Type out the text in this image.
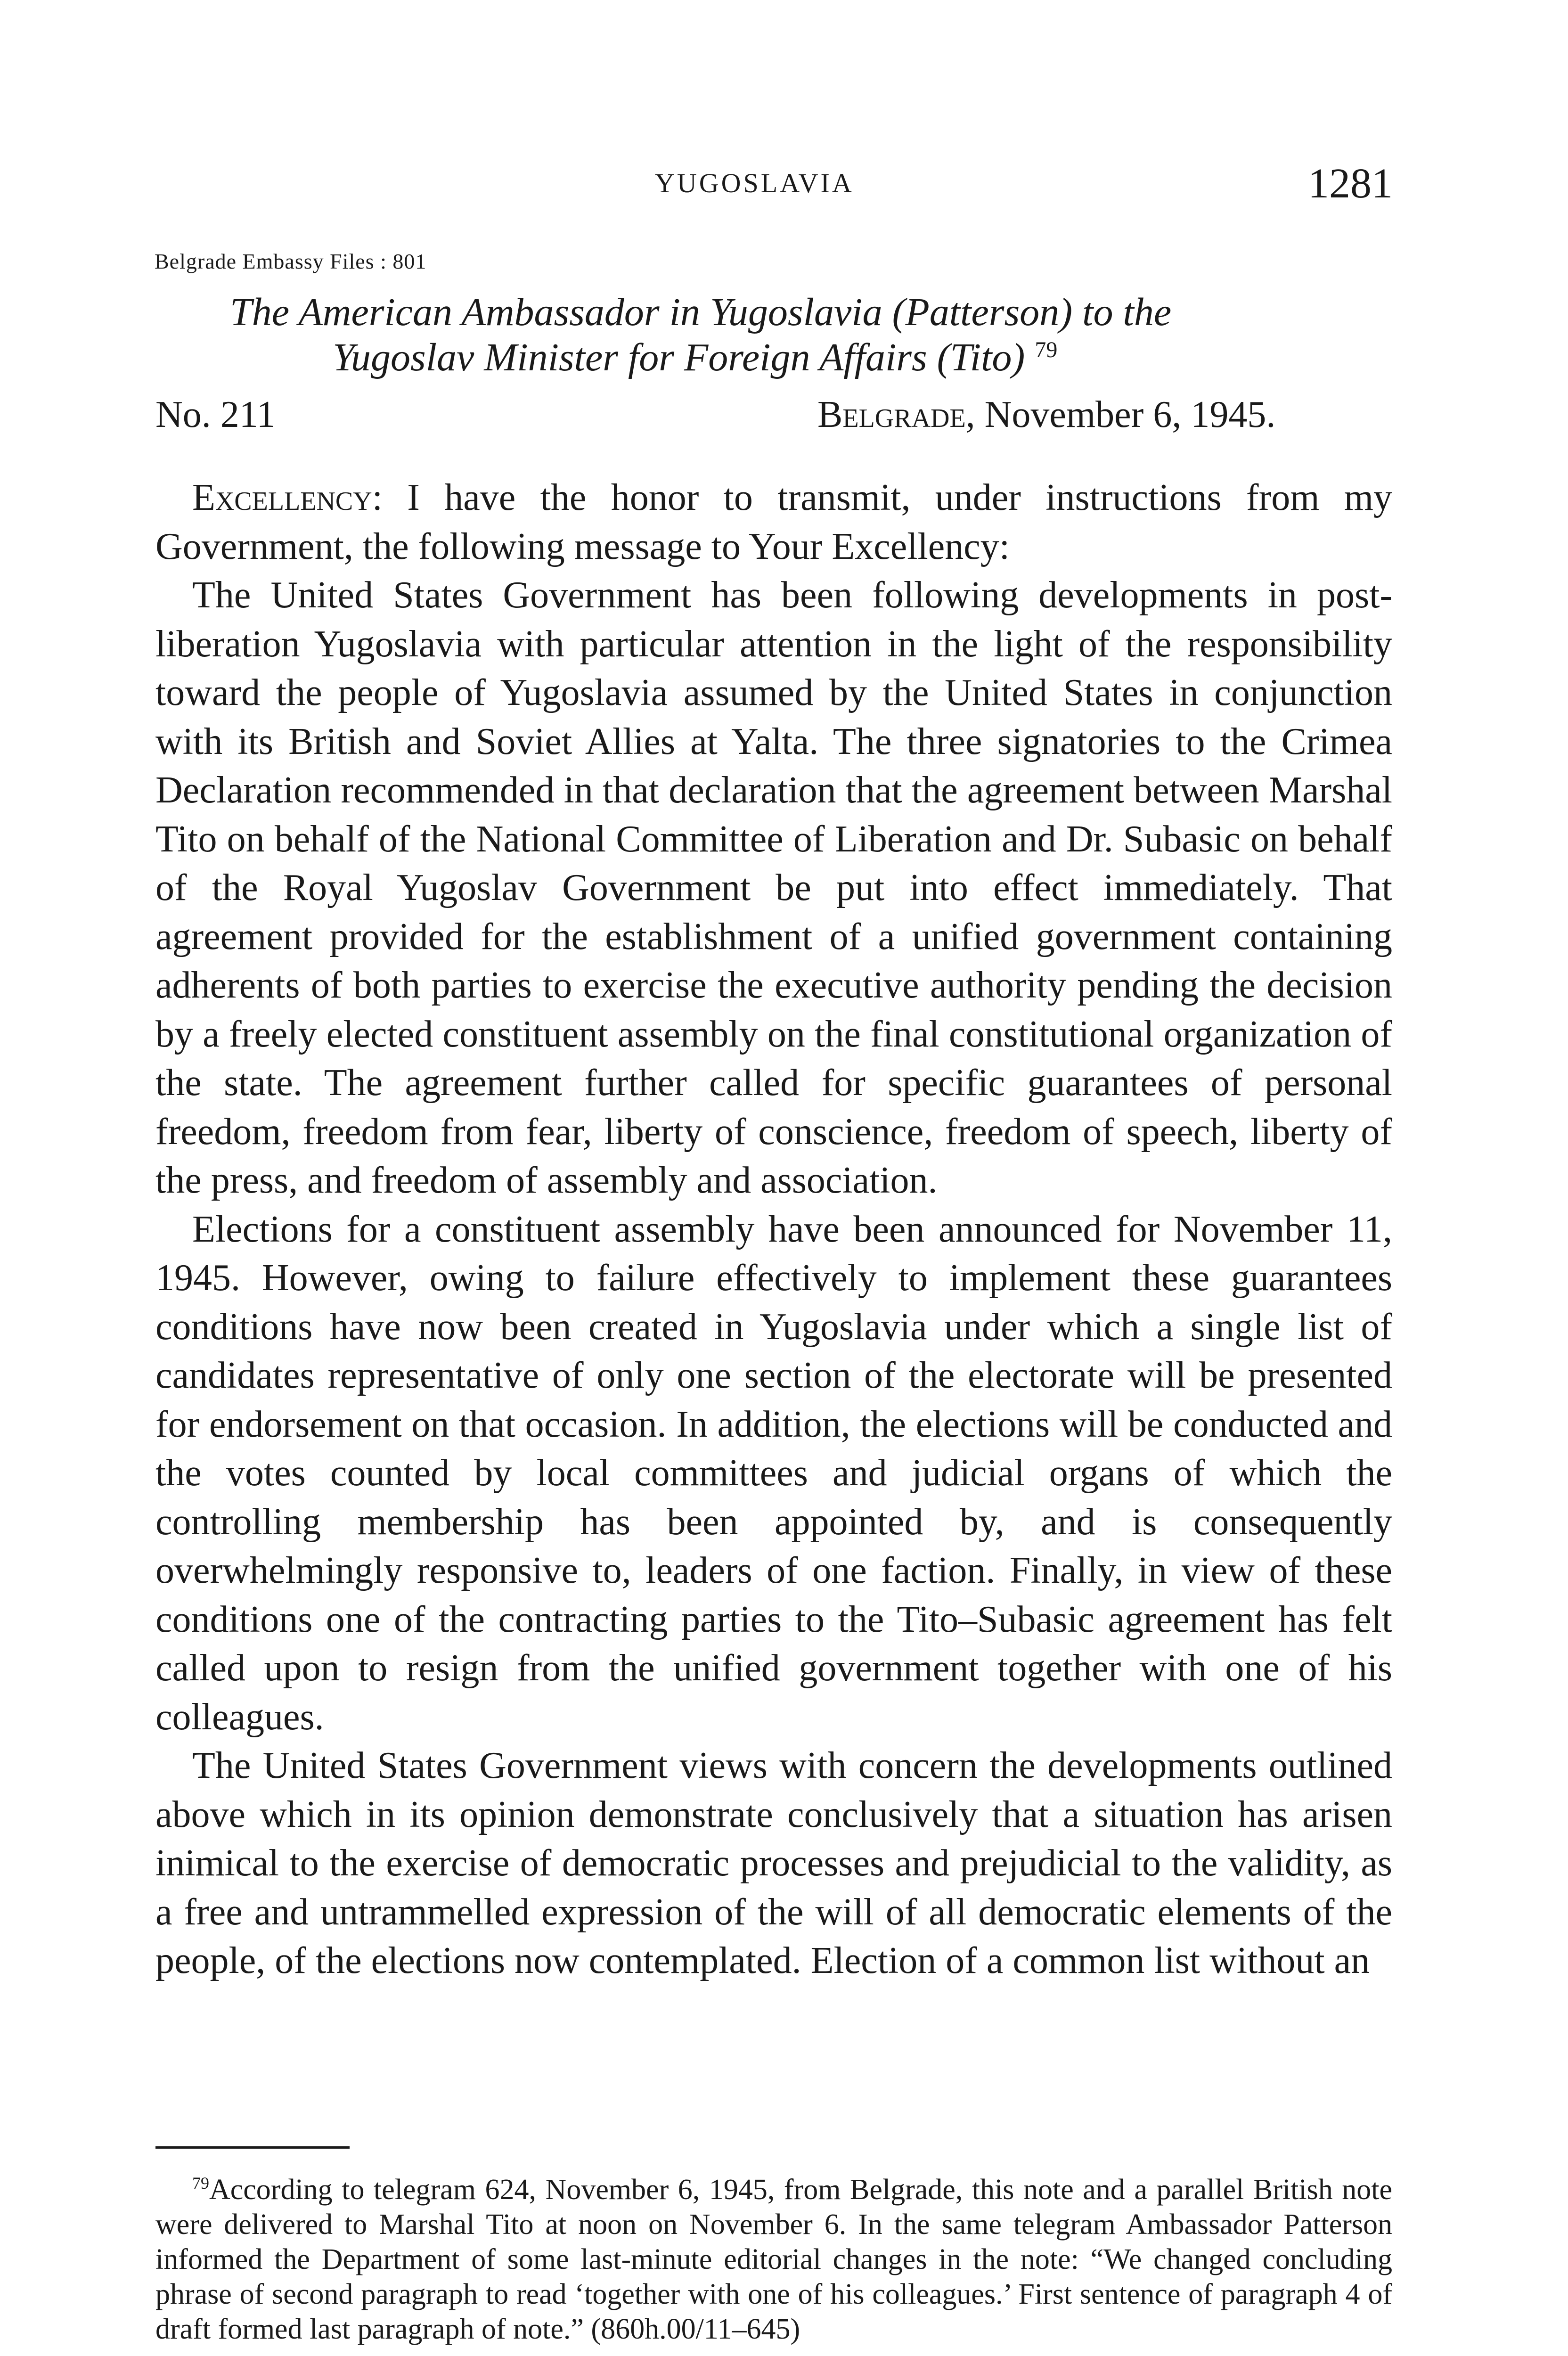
YUGOSLAVIA	1281
Belgrade Embassy Files : 801
The American Ambassador in Yugoslavia (Patterson) to the
Yugoslav Minister for Foreign Affairs (Tito) $^{79}$
No. 211	Belgrade, November 6, 1945.

Excellency: I have the honor to transmit, under instructions from my Government, the following message to Your Excellency:

The United States Government has been following developments in post-liberation Yugoslavia with particular attention in the light of the responsibility toward the people of Yugoslavia assumed by the United States in conjunction with its British and Soviet Allies at Yalta. The three signatories to the Crimea Declaration recommended in that declaration that the agreement between Marshal Tito on behalf of the National Committee of Liberation and Dr. Subasic on behalf of the Royal Yugoslav Government be put into effect immediately. That agreement provided for the establishment of a unified government containing adherents of both parties to exercise the executive authority pending the decision by a freely elected constituent assembly on the final constitutional organization of the state. The agreement further called for specific guarantees of personal freedom, freedom from fear, liberty of conscience, freedom of speech, liberty of the press, and freedom of assembly and association.

Elections for a constituent assembly have been announced for November 11, 1945. However, owing to failure effectively to implement these guarantees conditions have now been created in Yugoslavia under which a single list of candidates representative of only one section of the electorate will be presented for endorsement on that occasion. In addition, the elections will be conducted and the votes counted by local committees and judicial organs of which the controlling membership has been appointed by, and is consequently overwhelmingly responsive to, leaders of one faction. Finally, in view of these conditions one of the contracting parties to the Tito–Subasic agreement has felt called upon to resign from the unified government together with one of his colleagues.

The United States Government views with concern the developments outlined above which in its opinion demonstrate conclusively that a situation has arisen inimical to the exercise of democratic processes and prejudicial to the validity, as a free and untrammelled expression of the will of all democratic elements of the people, of the elections now contemplated. Election of a common list without an

$^{79}$According to telegram 624, November 6, 1945, from Belgrade, this note and a parallel British note were delivered to Marshal Tito at noon on November 6. In the same telegram Ambassador Patterson informed the Department of some last-minute editorial changes in the note: “We changed concluding phrase of second paragraph to read ‘together with one of his colleagues.’ First sentence of paragraph 4 of draft formed last paragraph of note.” (860h.00/11–645)
